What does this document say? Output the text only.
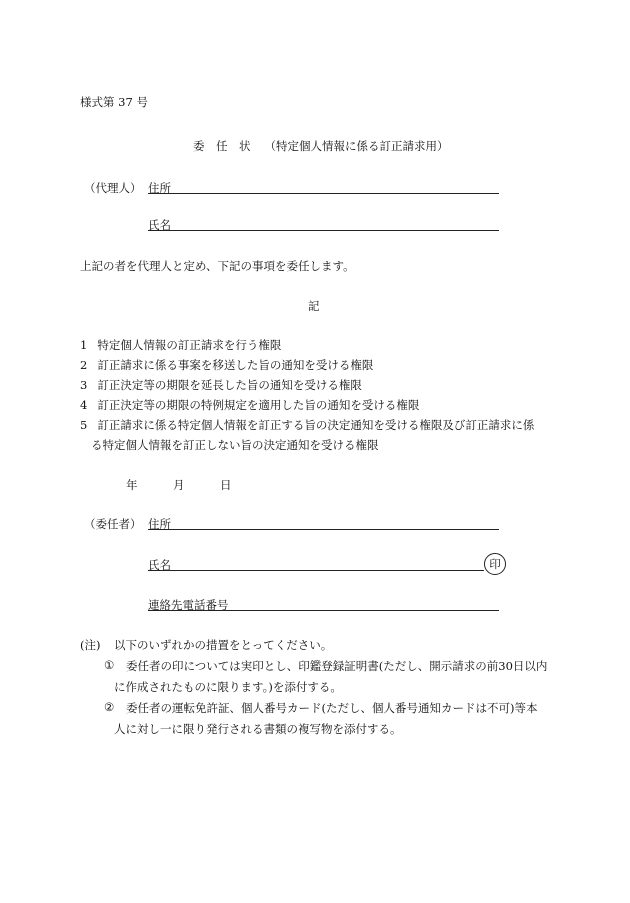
様式第 37 号
委　任　状 （特定個人情報に係る訂正請求用）
（代理人） 住所
氏名
上記の者を代理人と定め、下記の事項を委任します。
記
1 特定個人情報の訂正請求を行う権限
2 訂正請求に係る事案を移送した旨の通知を受ける権限
3 訂正決定等の期限を延長した旨の通知を受ける権限
4 訂正決定等の期限の特例規定を適用した旨の通知を受ける権限
5 訂正請求に係る特定個人情報を訂正する旨の決定通知を受ける権限及び訂正請求に係
る特定個人情報を訂正しない旨の決定通知を受ける権限
年	月	日
（委任者） 住所
氏名	印
連絡先電話番号
(注) 以下のいずれかの措置をとってください。
① 委任者の印については実印とし、印鑑登録証明書(ただし、開示請求の前30日以内
に作成されたものに限ります。)を添付する。
② 委任者の運転免許証、個人番号カード(ただし、個人番号通知カードは不可)等本
人に対し一に限り発行される書類の複写物を添付する。
